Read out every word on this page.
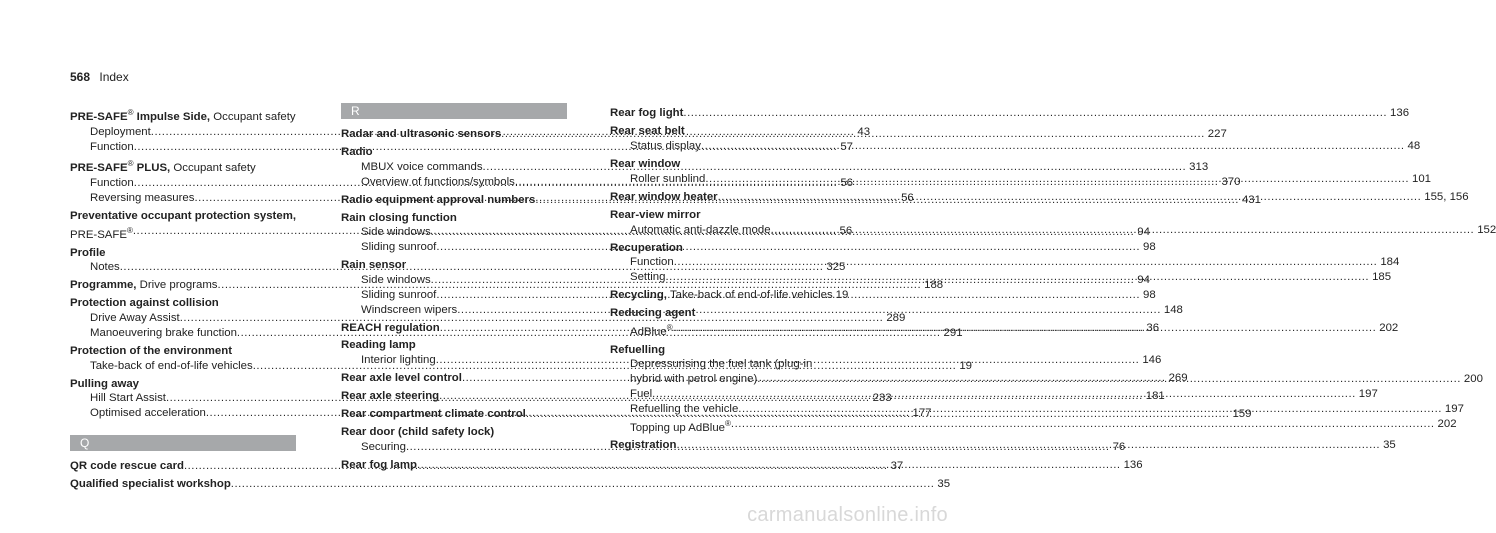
568 Index
PRE-SAFE® Impulse Side, Occupant safety
Deployment .....	43
Function .....	57
PRE-SAFE® PLUS, Occupant safety
Function .....	56
Reversing measures .....	56
Preventative occupant protection system,
PRE-SAFE® .....	56
Profile
Notes .....	325
Programme, Drive programs .....	188
Protection against collision
Drive Away Assist .....	289
Manoeuvering brake function .....	291
Protection of the environment
Take-back of end-of-life vehicles .....	19
Pulling away
Hill Start Assist .....	233
Optimised acceleration .....	177
Q
QR code rescue card .....	37
Qualified specialist workshop .....	35
R
Radar and ultrasonic sensors .....	227
Radio
MBUX voice commands .....	313
Overview of functions/symbols .....	370
Radio equipment approval numbers .....	431
Rain closing function
Side windows .....	94
Sliding sunroof .....	98
Rain sensor
Side windows .....	94
Sliding sunroof .....	98
Windscreen wipers .....	148
REACH regulation .....	36
Reading lamp
Interior lighting .....	146
Rear axle level control .....	269
Rear axle steering .....	181
Rear compartment climate control .....	159
Rear door (child safety lock)
Securing .....	76
Rear fog lamp .....	136
Rear fog light .....	136
Rear seat belt
Status display .....	48
Rear window
Roller sunblind .....	101
Rear window heater .....	155, 156
Rear-view mirror
Automatic anti-dazzle mode .....	152
Recuperation
Function .....	184
Setting .....	185
Recycling, Take-back of end-of-life vehicles 19
Reducing agent
AdBlue® .....	202
Refuelling
Depressurising the fuel tank (plug-in
hybrid with petrol engine) .....	200
Fuel .....	197
Refuelling the vehicle .....	197
Topping up AdBlue® .....	202
Registration .....	35
carmanualsonline.info
